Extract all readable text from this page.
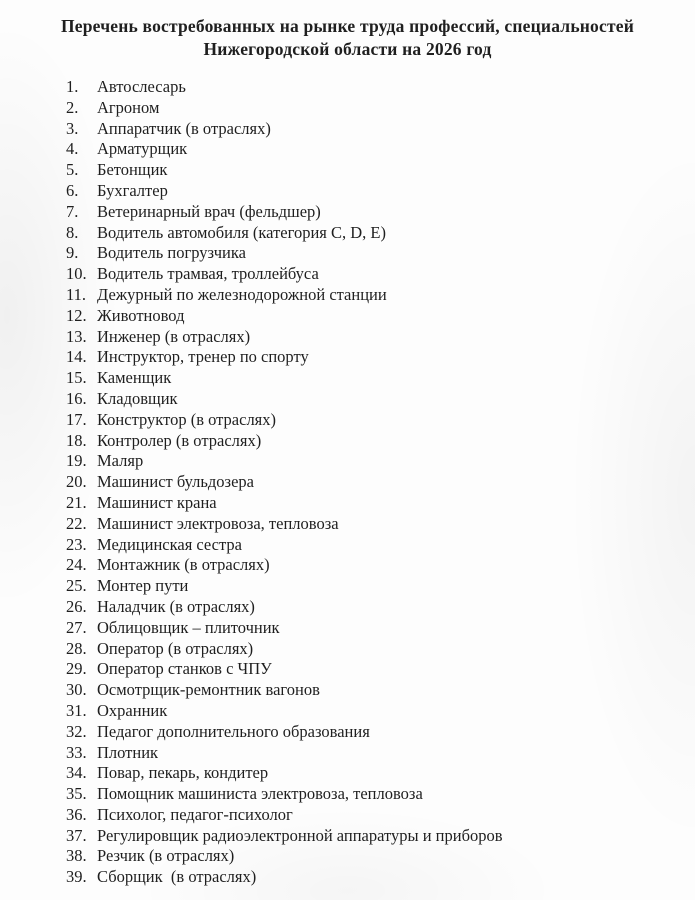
Перечень востребованных на рынке труда профессий, специальностей
Нижегородской области на 2026 год
1.	Автослесарь
2.	Агроном
3.	Аппаратчик (в отраслях)
4.	Арматурщик
5.	Бетонщик
6.	Бухгалтер
7.	Ветеринарный врач (фельдшер)
8.	Водитель автомобиля (категория C, D, E)
9.	Водитель погрузчика
10. Водитель трамвая, троллейбуса
11. Дежурный по железнодорожной станции
12. Животновод
13. Инженер (в отраслях)
14. Инструктор, тренер по спорту
15. Каменщик
16. Кладовщик
17. Конструктор (в отраслях)
18. Контролер (в отраслях)
19. Маляр
20. Машинист бульдозера
21. Машинист крана
22. Машинист электровоза, тепловоза
23. Медицинская сестра
24. Монтажник (в отраслях)
25. Монтер пути
26. Наладчик (в отраслях)
27. Облицовщик – плиточник
28. Оператор (в отраслях)
29. Оператор станков с ЧПУ
30. Осмотрщик-ремонтник вагонов
31. Охранник
32. Педагог дополнительного образования
33. Плотник
34. Повар, пекарь, кондитер
35. Помощник машиниста электровоза, тепловоза
36. Психолог, педагог-психолог
37. Регулировщик радиоэлектронной аппаратуры и приборов
38. Резчик (в отраслях)
39. Сборщик  (в отраслях)
